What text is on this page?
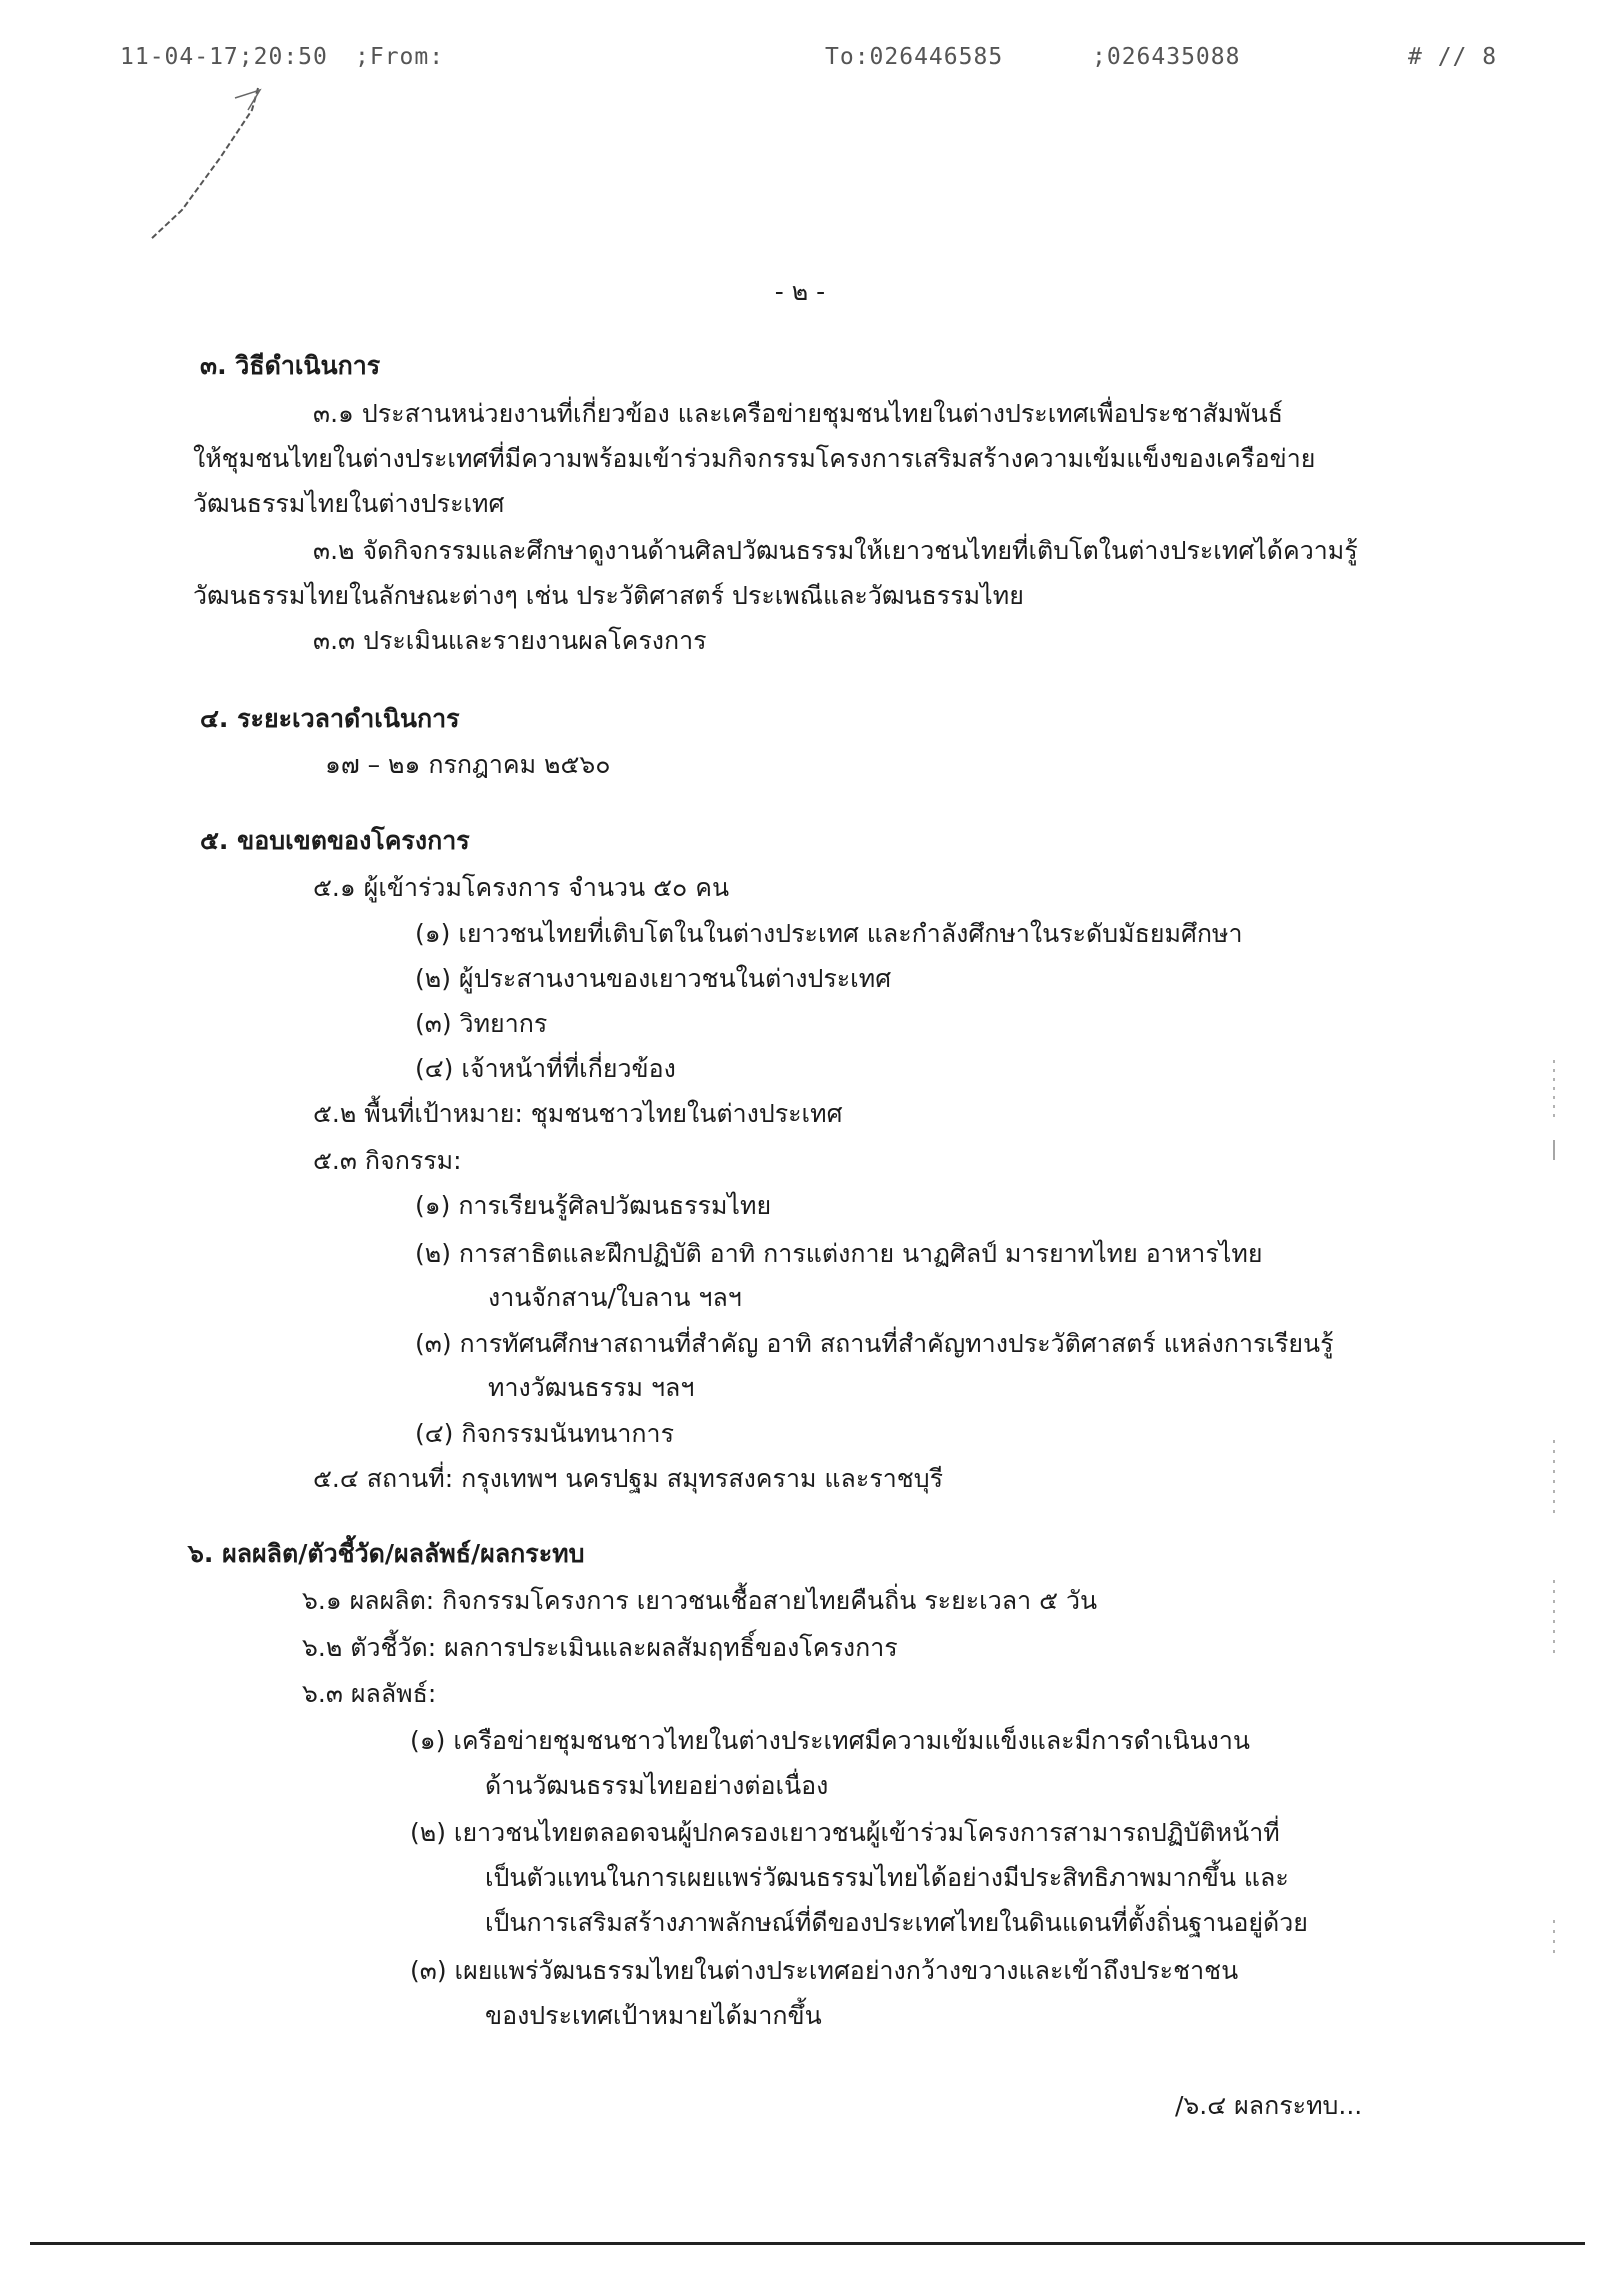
11-04-17;20:50 ;From:	To:026446585	;026435088	# // 8
- ๒ -
๓. วิธีดำเนินการ
๓.๑ ประสานหน่วยงานที่เกี่ยวข้อง และเครือข่ายชุมชนไทยในต่างประเทศเพื่อประชาสัมพันธ์
ให้ชุมชนไทยในต่างประเทศที่มีความพร้อมเข้าร่วมกิจกรรมโครงการเสริมสร้างความเข้มแข็งของเครือข่าย
วัฒนธรรมไทยในต่างประเทศ
๓.๒ จัดกิจกรรมและศึกษาดูงานด้านศิลปวัฒนธรรมให้เยาวชนไทยที่เติบโตในต่างประเทศได้ความรู้
วัฒนธรรมไทยในลักษณะต่างๆ เช่น ประวัติศาสตร์ ประเพณีและวัฒนธรรมไทย
๓.๓ ประเมินและรายงานผลโครงการ
๔. ระยะเวลาดำเนินการ
๑๗ – ๒๑ กรกฎาคม ๒๕๖๐
๕. ขอบเขตของโครงการ
๕.๑ ผู้เข้าร่วมโครงการ จำนวน ๕๐ คน
(๑) เยาวชนไทยที่เติบโตในในต่างประเทศ และกำลังศึกษาในระดับมัธยมศึกษา
(๒) ผู้ประสานงานของเยาวชนในต่างประเทศ
(๓) วิทยากร
(๔) เจ้าหน้าที่ที่เกี่ยวข้อง
๕.๒ พื้นที่เป้าหมาย: ชุมชนชาวไทยในต่างประเทศ
๕.๓ กิจกรรม:
(๑) การเรียนรู้ศิลปวัฒนธรรมไทย
(๒) การสาธิตและฝึกปฏิบัติ อาทิ การแต่งกาย นาฏศิลป์ มารยาทไทย อาหารไทย
งานจักสาน/ใบลาน ฯลฯ
(๓) การทัศนศึกษาสถานที่สำคัญ อาทิ สถานที่สำคัญทางประวัติศาสตร์ แหล่งการเรียนรู้
ทางวัฒนธรรม ฯลฯ
(๔) กิจกรรมนันทนาการ
๕.๔ สถานที่: กรุงเทพฯ นครปฐม สมุทรสงคราม และราชบุรี
๖. ผลผลิต/ตัวชี้วัด/ผลลัพธ์/ผลกระทบ
๖.๑ ผลผลิต: กิจกรรมโครงการ เยาวชนเชื้อสายไทยคืนถิ่น ระยะเวลา ๕ วัน
๖.๒ ตัวชี้วัด: ผลการประเมินและผลสัมฤทธิ์ของโครงการ
๖.๓ ผลลัพธ์:
(๑) เครือข่ายชุมชนชาวไทยในต่างประเทศมีความเข้มแข็งและมีการดำเนินงาน
ด้านวัฒนธรรมไทยอย่างต่อเนื่อง
(๒) เยาวชนไทยตลอดจนผู้ปกครองเยาวชนผู้เข้าร่วมโครงการสามารถปฏิบัติหน้าที่
เป็นตัวแทนในการเผยแพร่วัฒนธรรมไทยได้อย่างมีประสิทธิภาพมากขึ้น และ
เป็นการเสริมสร้างภาพลักษณ์ที่ดีของประเทศไทยในดินแดนที่ตั้งถิ่นฐานอยู่ด้วย
(๓) เผยแพร่วัฒนธรรมไทยในต่างประเทศอย่างกว้างขวางและเข้าถึงประชาชน
ของประเทศเป้าหมายได้มากขึ้น
/๖.๔ ผลกระทบ...
